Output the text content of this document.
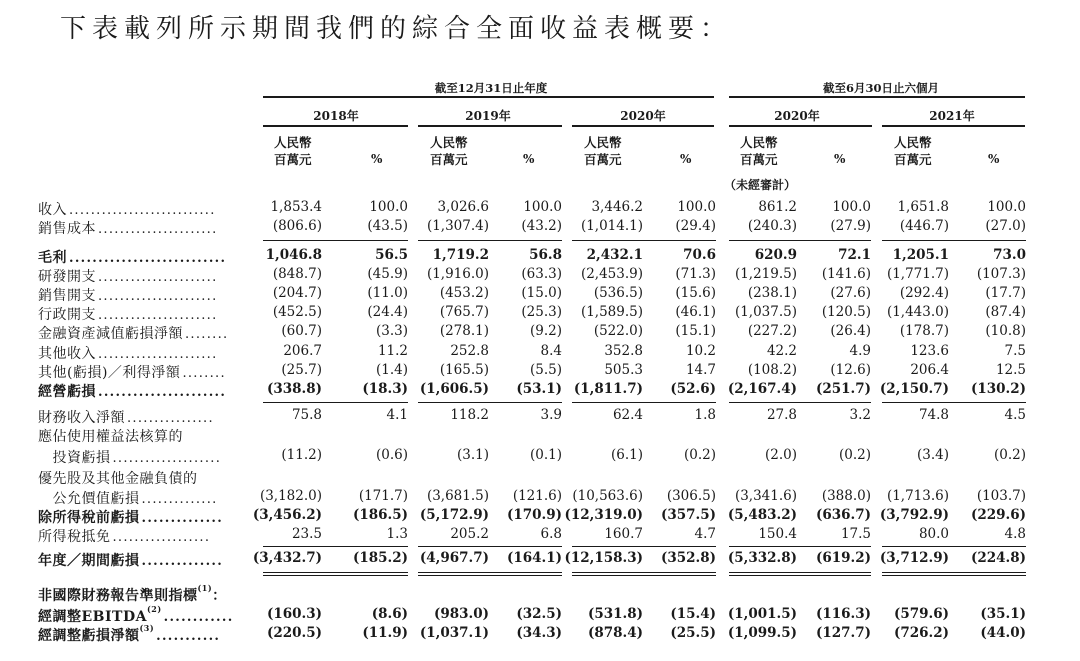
下表載列所示期間我們的綜合全面收益表概要：
截至12月31日止年度	截至6月30日止六個月
2018年	2019年	2020年	2020年	2021年
人民幣
百萬元	%
人民幣
百萬元	%
人民幣
百萬元	%
人民幣
百萬元	%
人民幣
百萬元	%
（未經審計）
收入 ...........................	1,853.4	100.0 3,026.6	100.0 3,446.2	100.0	861.2	100.0 1,651.8	100.0
銷售成本 ......................	(806.6)	(43.5) (1,307.4) (43.2) (1,014.1) (29.4) (240.3) (27.9) (446.7)	(27.0)
毛利 ...........................	1,046.8	56.5 1,719.2	56.8 2,432.1	70.6	620.9	72.1 1,205.1	73.0
研發開支 ......................	(848.7)	(45.9) (1,916.0) (63.3) (2,453.9) (71.3) (1,219.5) (141.6) (1,771.7) (107.3)
銷售開支 ......................	(204.7)	(11.0) (453.2) (15.0) (536.5) (15.6) (238.1) (27.6) (292.4)	(17.7)
行政開支 ......................	(452.5)	(24.4) (765.7) (25.3) (1,589.5) (46.1) (1,037.5) (120.5) (1,443.0)	(87.4)
金融資產減值虧損淨額 ........	(60.7)	(3.3) (278.1)	(9.2) (522.0) (15.1) (227.2) (26.4) (178.7)	(10.8)
其他收入 ......................	206.7	11.2	252.8	8.4	352.8	10.2	42.2	4.9	123.6	7.5
其他(虧損)／利得淨額 ........	(25.7)	(1.4) (165.5)	(5.5)	505.3	14.7 (108.2) (12.6)	206.4	12.5
經營虧損 ......................	(338.8)	(18.3) (1,606.5) (53.1) (1,811.7) (52.6) (2,167.4) (251.7) (2,150.7) (130.2)
財務收入淨額 ................	75.8	4.1	118.2	3.9	62.4	1.8	27.8	3.2	74.8	4.5
應佔使用權益法核算的
　投資虧損 ....................	(11.2)	(0.6)	(3.1)	(0.1)	(6.1)	(0.2)	(2.0)	(0.2)	(3.4)	(0.2)
優先股及其他金融負債的
　公允價值虧損 ..............	(3,182.0)	(171.7) (3,681.5) (121.6) (10,563.6) (306.5) (3,341.6) (388.0) (1,713.6) (103.7)
除所得稅前虧損 .............. (3,456.2) (186.5) (5,172.9) (170.9) (12,319.0) (357.5) (5,483.2) (636.7) (3,792.9) (229.6)
所得稅抵免 ..................	23.5	1.3	205.2	6.8	160.7	4.7	150.4	17.5	80.0	4.8
年度／期間虧損 .............. (3,432.7) (185.2) (4,967.7) (164.1) (12,158.3) (352.8) (5,332.8) (619.2) (3,712.9) (224.8)
非國際財務報告準則指標$^{(1)}$：
經調整EBITDA$^{(2)}$............ (160.3)	(8.6) (983.0) (32.5) (531.8) (15.4) (1,001.5) (116.3) (579.6) (35.1)
經調整虧損淨額$^{(3)}$...........	(220.5)	(11.9) (1,037.1) (34.3) (878.4) (25.5) (1,099.5) (127.7) (726.2) (44.0)
